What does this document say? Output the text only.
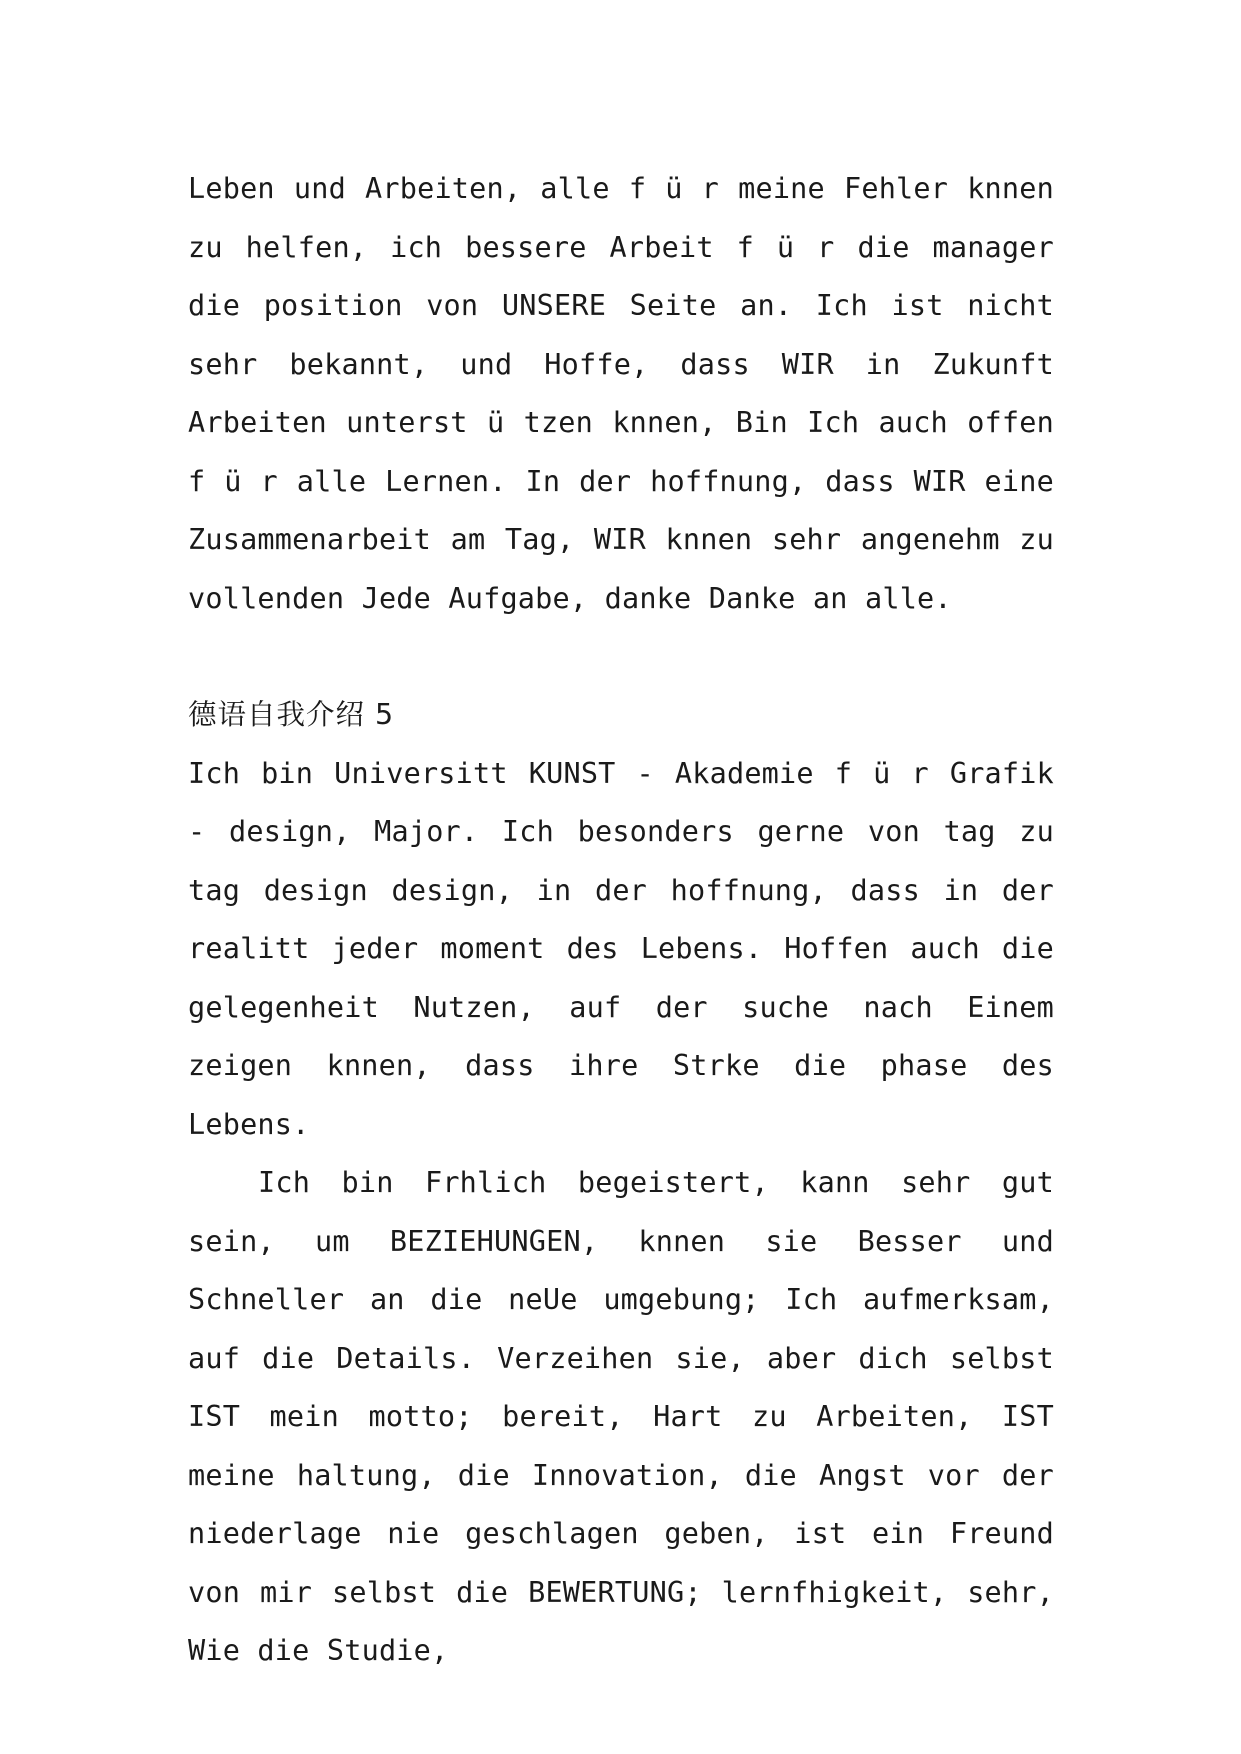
Leben und Arbeiten, alle f ü r meine Fehler knnen zu helfen, ich bessere Arbeit f ü r die manager die position von UNSERE Seite an. Ich ist nicht sehr bekannt, und Hoffe, dass WIR in Zukunft Arbeiten unterst ü tzen knnen, Bin Ich auch offen f ü r alle Lernen. In der hoffnung, dass WIR eine Zusammenarbeit am Tag, WIR knnen sehr angenehm zu vollenden Jede Aufgabe, danke Danke an alle.

德语自我介绍 5

Ich bin Universitt KUNST - Akademie f ü r Grafik - design, Major. Ich besonders gerne von tag zu tag design design, in der hoffnung, dass in der realitt jeder moment des Lebens. Hoffen auch die gelegenheit Nutzen, auf der suche nach Einem zeigen knnen, dass ihre Strke die phase des Lebens.

Ich bin Frhlich begeistert, kann sehr gut sein, um BEZIEHUNGEN, knnen sie Besser und Schneller an die neUe umgebung; Ich aufmerksam, auf die Details. Verzeihen sie, aber dich selbst IST mein motto; bereit, Hart zu Arbeiten, IST meine haltung, die Innovation, die Angst vor der niederlage nie geschlagen geben, ist ein Freund von mir selbst die BEWERTUNG; lernfhigkeit, sehr, Wie die Studie,
